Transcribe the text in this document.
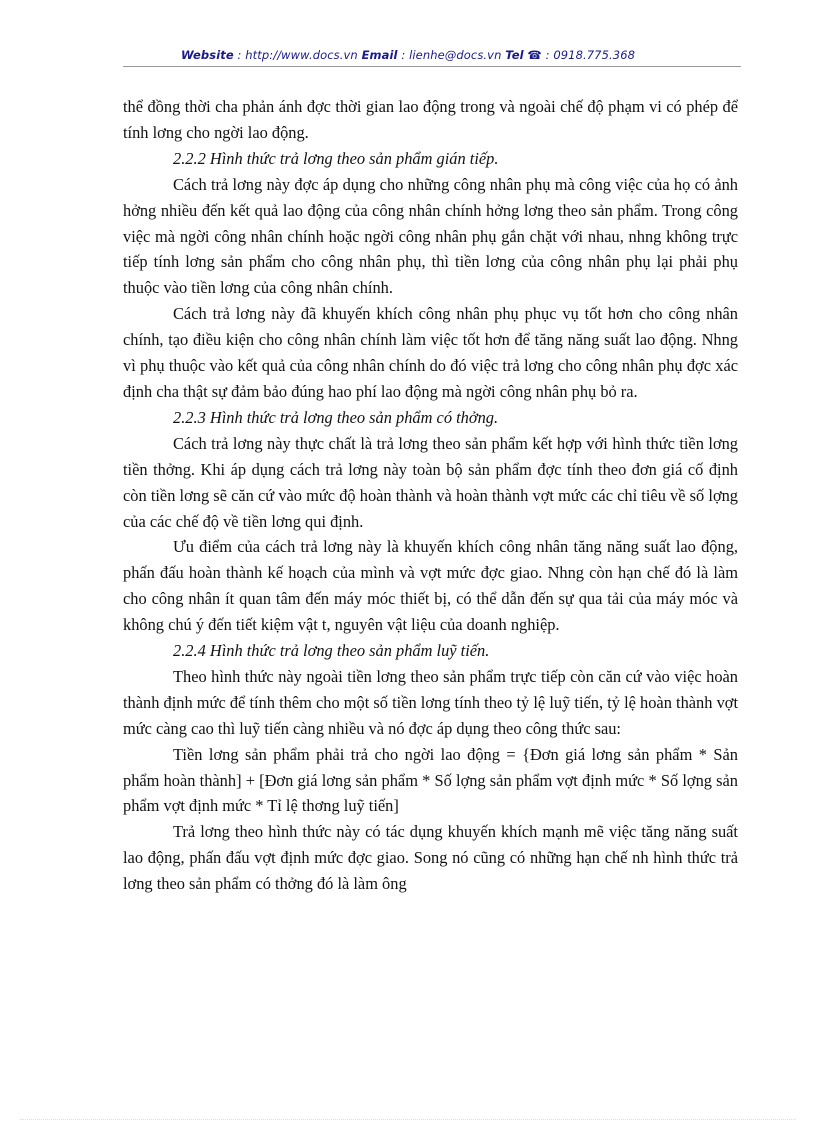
Website : http://www.docs.vn Email : lienhe@docs.vn Tel ☎ : 0918.775.368

thể đồng thời cha phản ánh đợc thời gian lao động trong và ngoài chế độ phạm vi có phép để tính lơng cho ngời lao động.

2.2.2 Hình thức trả lơng theo sản phẩm gián tiếp.

Cách trả lơng này đợc áp dụng cho những công nhân phụ mà công việc của họ có ảnh hởng nhiều đến kết quả lao động của công nhân chính hởng lơng theo sản phẩm. Trong công việc mà ngời công nhân chính hoặc ngời công nhân phụ gắn chặt với nhau, nhng không trực tiếp tính lơng sản phẩm cho công nhân phụ, thì tiền lơng của công nhân phụ lại phải phụ thuộc vào tiền lơng của công nhân chính.

Cách trả lơng này đã khuyến khích công nhân phụ phục vụ tốt hơn cho công nhân chính, tạo điều kiện cho công nhân chính làm việc tốt hơn để tăng năng suất lao động. Nhng vì phụ thuộc vào kết quả của công nhân chính do đó việc trả lơng cho công nhân phụ đợc xác định cha thật sự đảm bảo đúng hao phí lao động mà ngời công nhân phụ bỏ ra.

2.2.3 Hình thức trả lơng theo sản phẩm có thởng.

Cách trả lơng này thực chất là trả lơng theo sản phẩm kết hợp với hình thức tiền lơng tiền thởng. Khi áp dụng cách trả lơng này toàn bộ sản phẩm đợc tính theo đơn giá cố định còn tiền lơng sẽ căn cứ vào mức độ hoàn thành và hoàn thành vợt mức các chỉ tiêu về số lợng của các chế độ về tiền lơng qui định.

Ưu điểm của cách trả lơng này là khuyến khích công nhân tăng năng suất lao động, phấn đấu hoàn thành kế hoạch của mình và vợt mức đợc giao. Nhng còn hạn chế đó là làm cho công nhân ít quan tâm đến máy móc thiết bị, có thể dẫn đến sự qua tải của máy móc và không chú ý đến tiết kiệm vật t, nguyên vật liệu của doanh nghiệp.

2.2.4 Hình thức trả lơng theo sản phẩm luỹ tiến.

Theo hình thức này ngoài tiền lơng theo sản phẩm trực tiếp còn căn cứ vào việc hoàn thành định mức để tính thêm cho một số tiền lơng tính theo tỷ lệ luỹ tiến, tỷ lệ hoàn thành vợt mức càng cao thì luỹ tiến càng nhiều và nó đợc áp dụng theo công thức sau:

Tiền lơng sản phẩm phải trả cho ngời lao động = {Đơn giá lơng sản phẩm * Sản phẩm hoàn thành] + [Đơn giá lơng sản phẩm * Số lợng sản phẩm vợt định mức * Số lợng sản phẩm vợt định mức * Tỉ lệ thơng luỹ tiến]

Trả lơng theo hình thức này có tác dụng khuyến khích mạnh mẽ việc tăng năng suất lao động, phấn đấu vợt định mức đợc giao. Song nó cũng có những hạn chế nh hình thức trả lơng theo sản phẩm có thởng đó là làm ông
